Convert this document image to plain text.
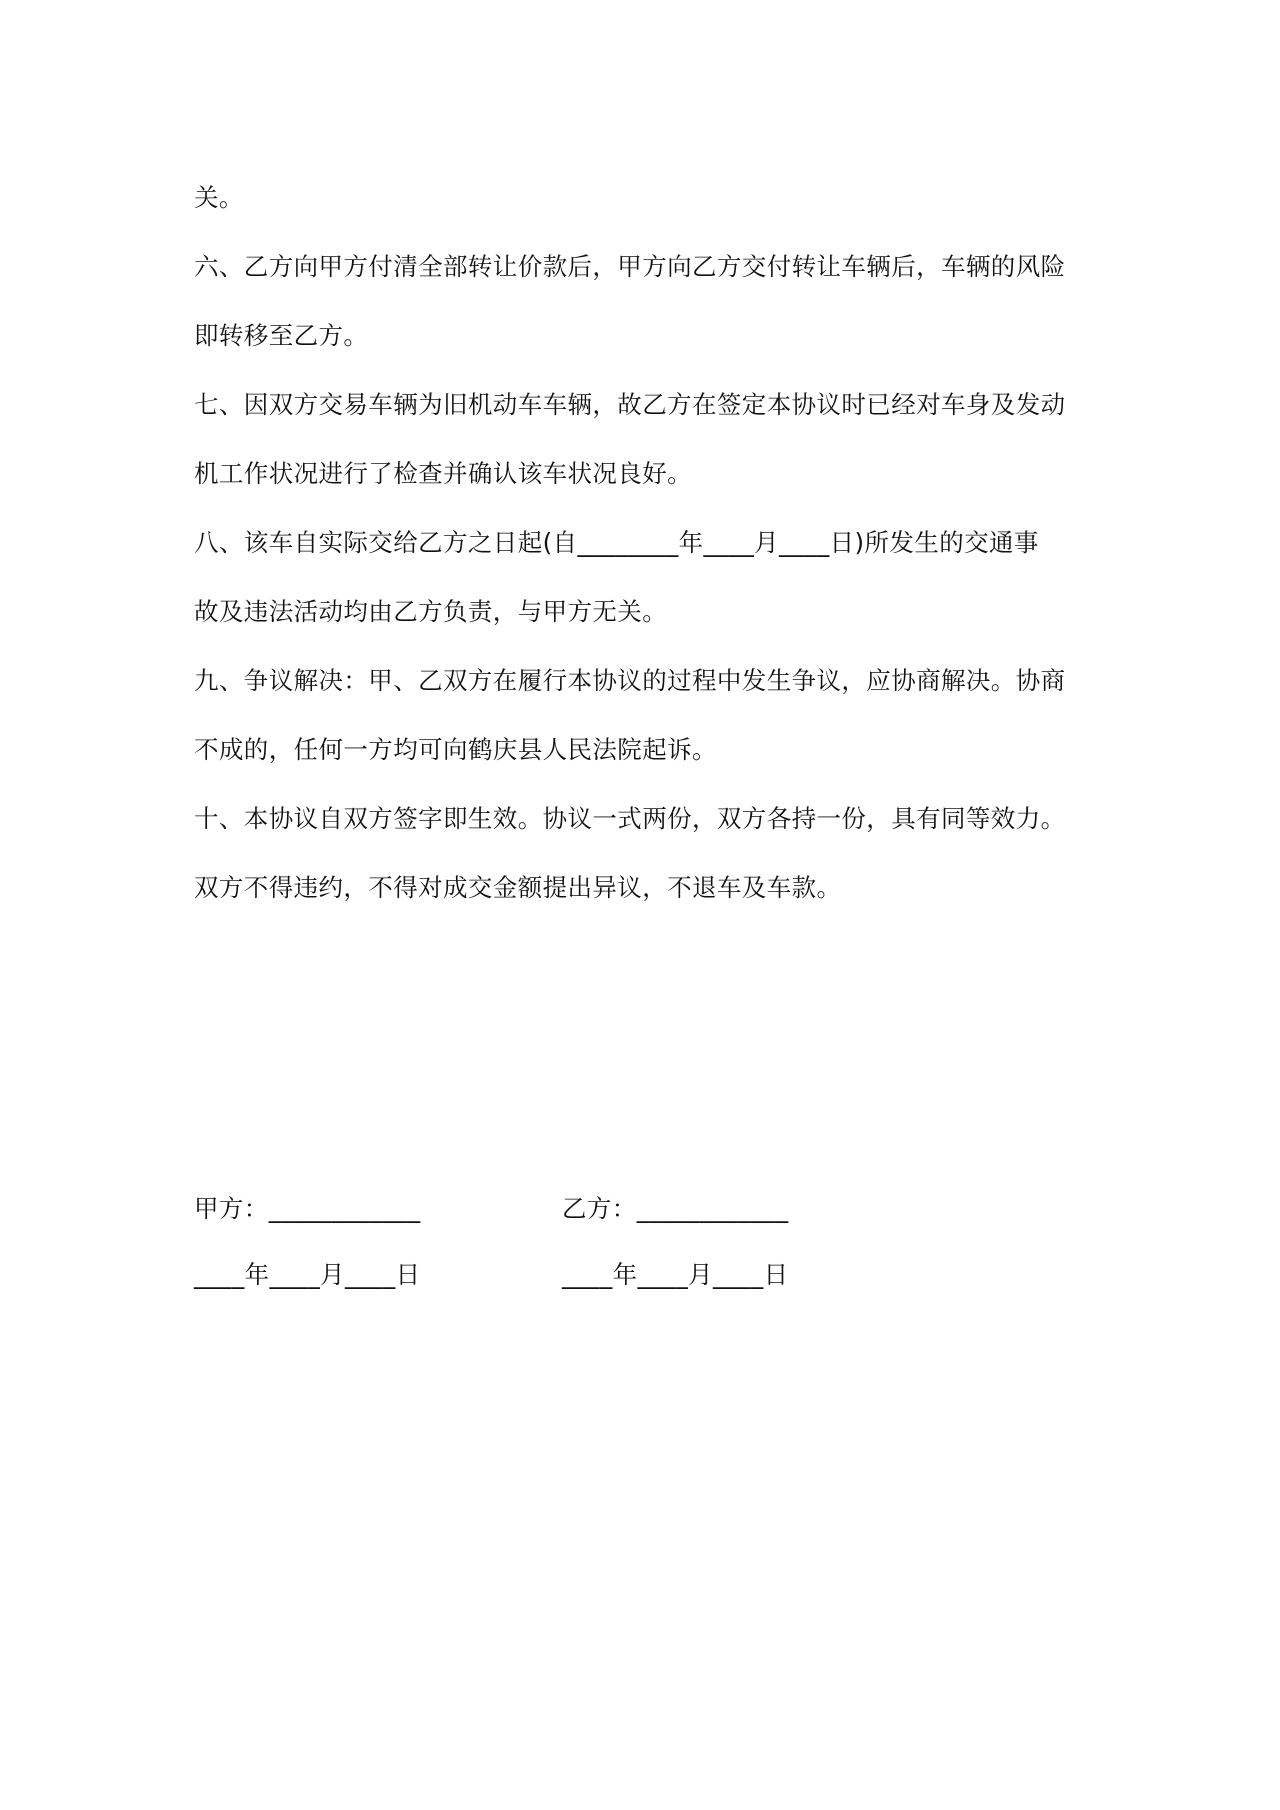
关。

六、乙方向甲方付清全部转让价款后，甲方向乙方交付转让车辆后，车辆的风险

即转移至乙方。

七、因双方交易车辆为旧机动车车辆，故乙方在签定本协议时已经对车身及发动

机工作状况进行了检查并确认该车状况良好。

八、该车自实际交给乙方之日起(自________年____月____日)所发生的交通事

故及违法活动均由乙方负责，与甲方无关。

九、争议解决：甲、乙双方在履行本协议的过程中发生争议，应协商解决。协商

不成的，任何一方均可向鹤庆县人民法院起诉。

十、本协议自双方签字即生效。协议一式两份，双方各持一份，具有同等效力。

双方不得违约，不得对成交金额提出异议，不退车及车款。

甲方：____________	乙方：____________
____年____月____日	____年____月____日
